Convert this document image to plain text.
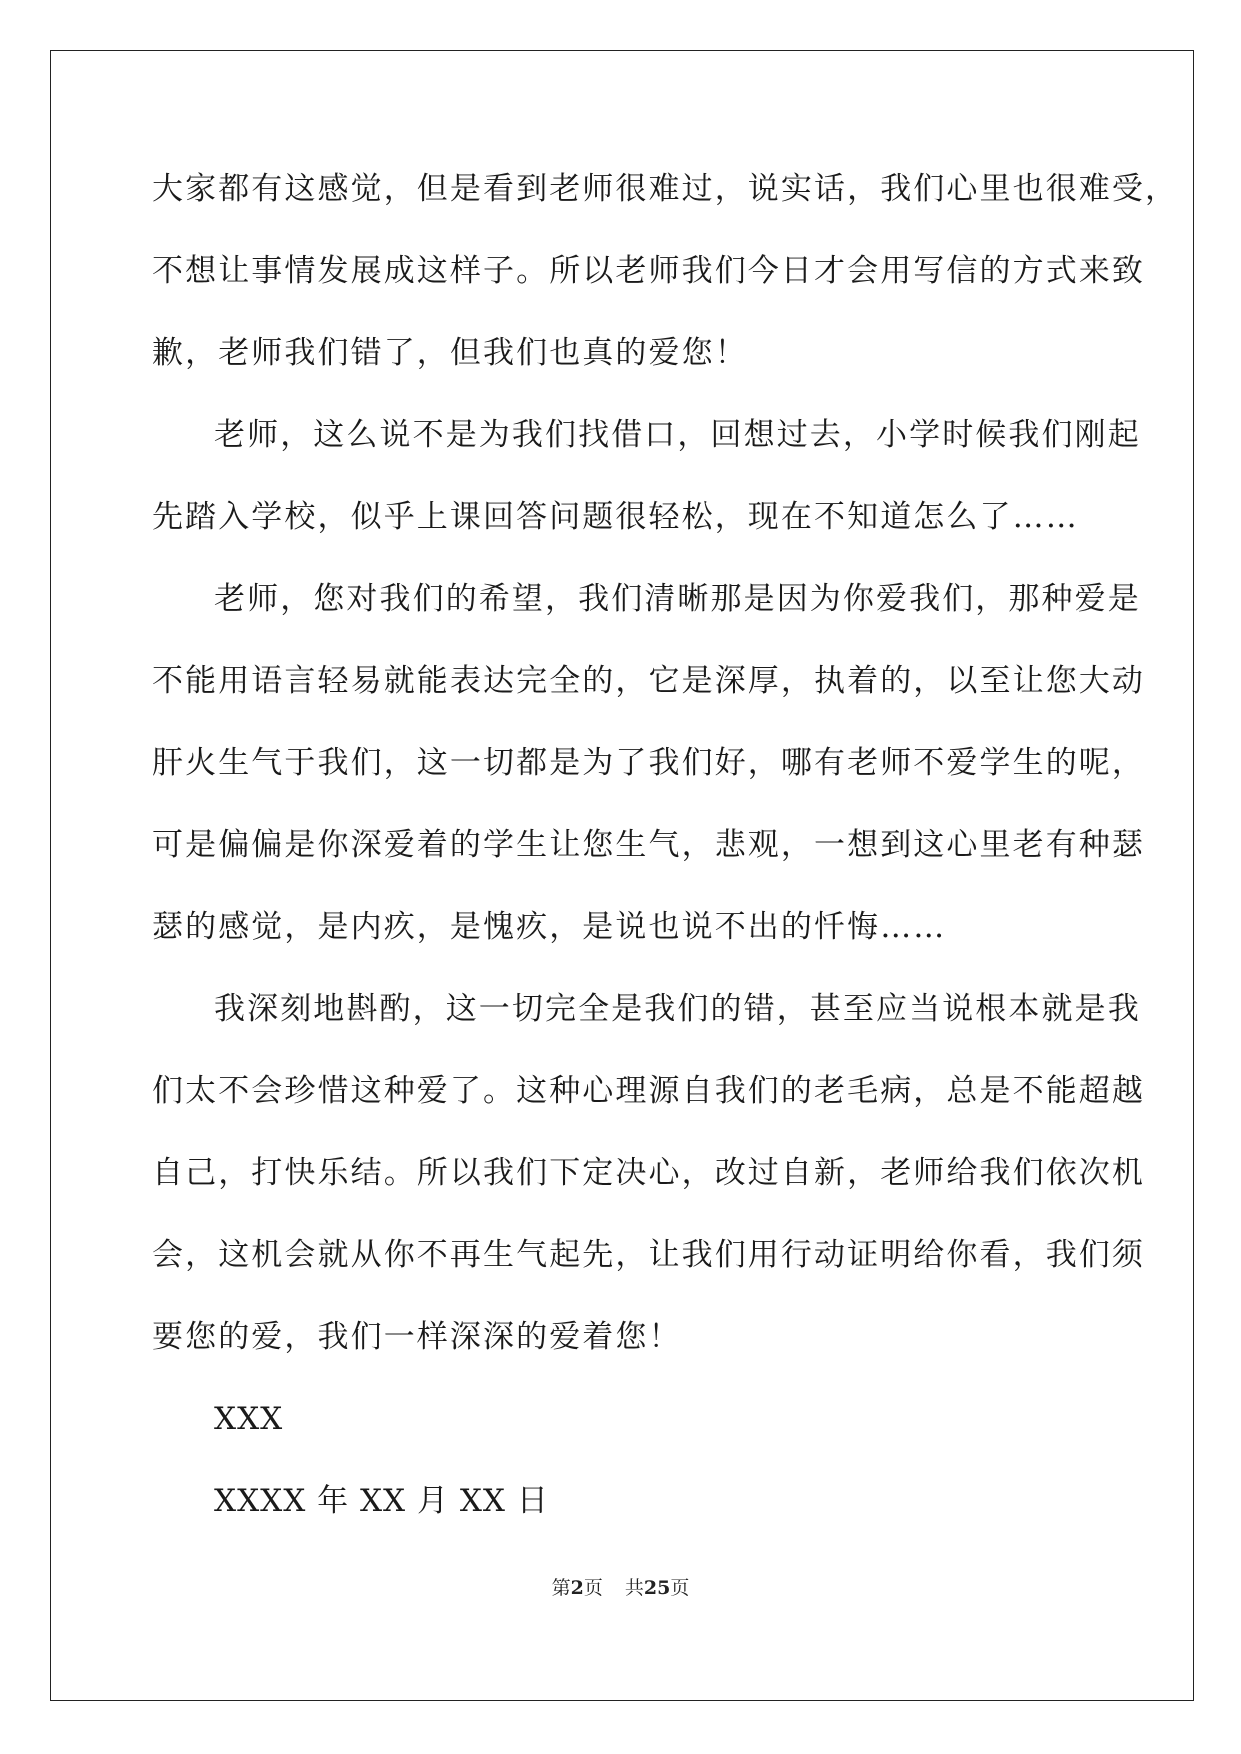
大家都有这感觉，但是看到老师很难过，说实话，我们心里也很难受，
不想让事情发展成这样子。所以老师我们今日才会用写信的方式来致
歉，老师我们错了，但我们也真的爱您！
老师，这么说不是为我们找借口，回想过去，小学时候我们刚起
先踏入学校，似乎上课回答问题很轻松，现在不知道怎么了……
老师，您对我们的希望，我们清晰那是因为你爱我们，那种爱是
不能用语言轻易就能表达完全的，它是深厚，执着的，以至让您大动
肝火生气于我们，这一切都是为了我们好，哪有老师不爱学生的呢，
可是偏偏是你深爱着的学生让您生气，悲观，一想到这心里老有种瑟
瑟的感觉，是内疚，是愧疚，是说也说不出的忏悔……
我深刻地斟酌，这一切完全是我们的错，甚至应当说根本就是我
们太不会珍惜这种爱了。这种心理源自我们的老毛病，总是不能超越
自己，打快乐结。所以我们下定决心，改过自新，老师给我们依次机
会，这机会就从你不再生气起先，让我们用行动证明给你看，我们须
要您的爱，我们一样深深的爱着您！
XXX
XXXX 年 XX 月 XX 日
第2页 共25页
